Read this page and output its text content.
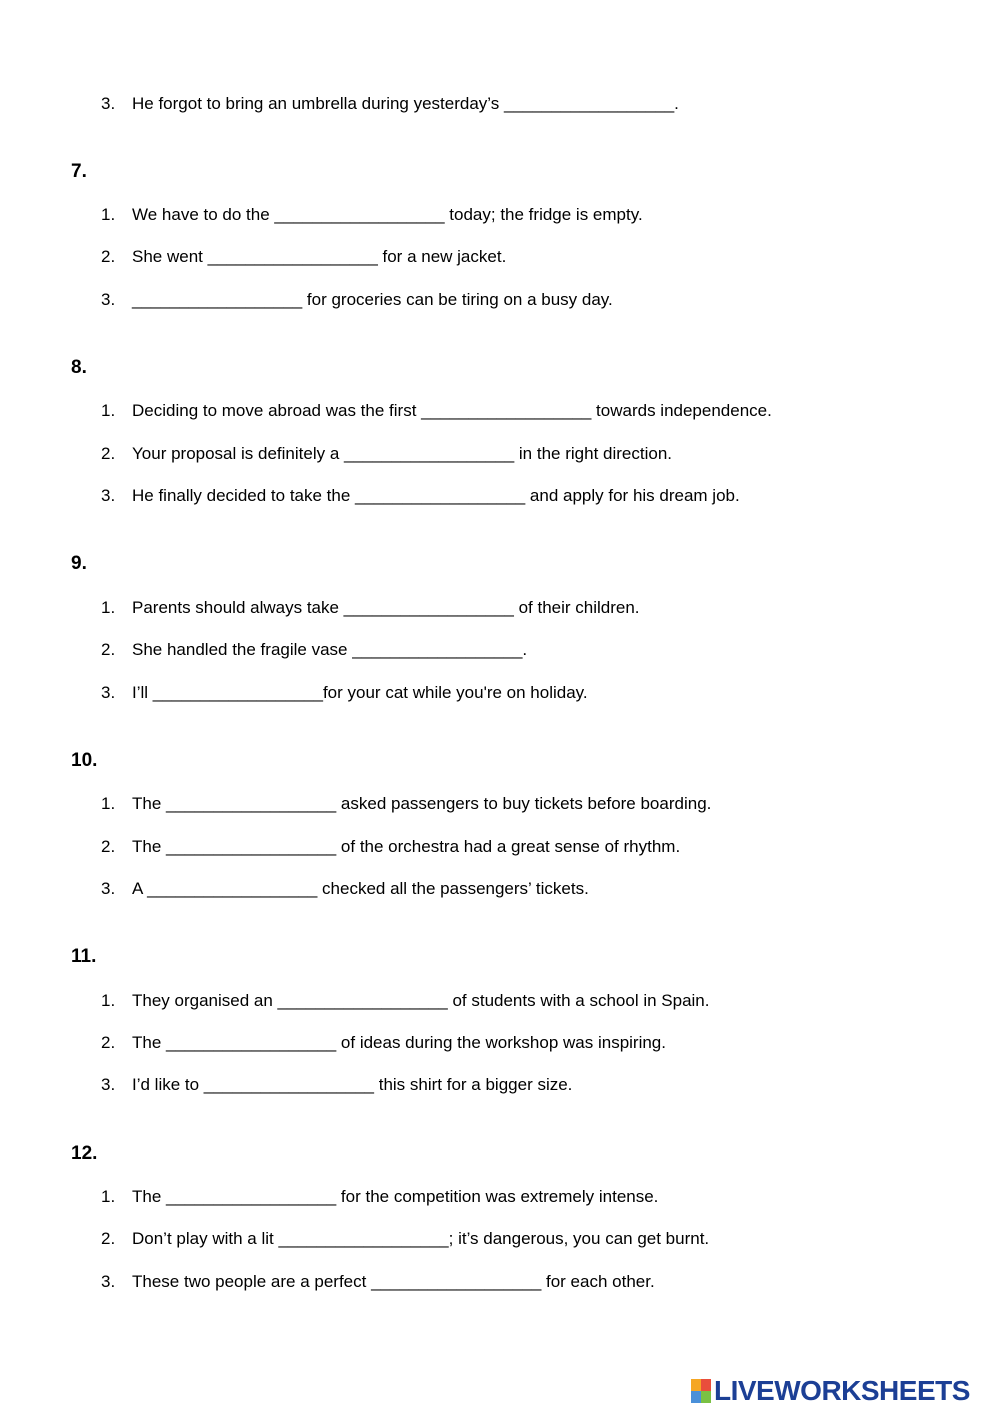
3. He forgot to bring an umbrella during yesterday’s __________________.
7.
1. We have to do the __________________ today; the fridge is empty.
2. She went __________________ for a new jacket.
3. __________________ for groceries can be tiring on a busy day.
8.
1. Deciding to move abroad was the first __________________ towards independence.
2. Your proposal is definitely a __________________ in the right direction.
3. He finally decided to take the __________________ and apply for his dream job.
9.
1. Parents should always take __________________ of their children.
2. She handled the fragile vase __________________.
3. I’ll __________________for your cat while you're on holiday.
10.
1. The __________________ asked passengers to buy tickets before boarding.
2. The __________________ of the orchestra had a great sense of rhythm.
3. A __________________ checked all the passengers’ tickets.
11.
1. They organised an __________________ of students with a school in Spain.
2. The __________________ of ideas during the workshop was inspiring.
3. I’d like to __________________ this shirt for a bigger size.
12.
1. The __________________ for the competition was extremely intense.
2. Don’t play with a lit __________________; it’s dangerous, you can get burnt.
3. These two people are a perfect __________________ for each other.
LIVEWORKSHEETS
